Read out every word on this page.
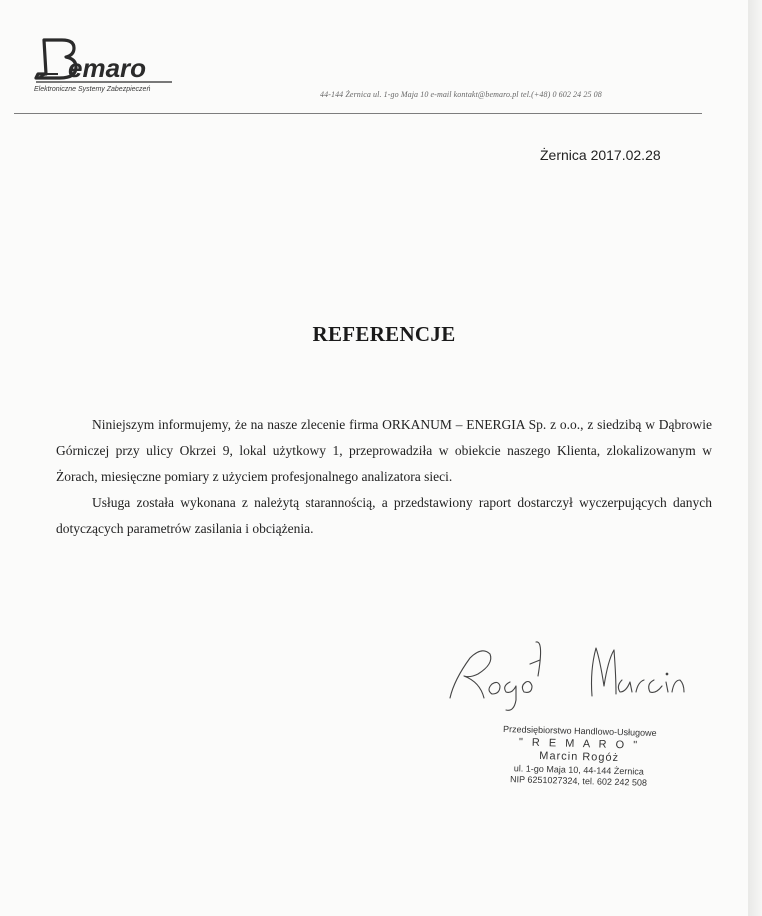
emaro
Elektroniczne Systemy Zabezpieczeń
44-144 Żernica ul. 1-go Maja 10 e-mail kontakt@bemaro.pl tel.(+48) 0 602 24 25 08
Żernica 2017.02.28
REFERENCJE

Niniejszym informujemy, że na nasze zlecenie firma ORKANUM – ENERGIA Sp. z o.o., z siedzibą w Dąbrowie Górniczej przy ulicy Okrzei 9, lokal użytkowy 1, przeprowadziła w obiekcie naszego Klienta, zlokalizowanym w Żorach, miesięczne pomiary z użyciem profesjonalnego analizatora sieci.

Usługa została wykonana z należytą starannością, a przedstawiony raport dostarczył wyczerpujących danych dotyczących parametrów zasilania i obciążenia.

Przedsiębiorstwo Handlowo-Usługowe
" R E M A R O "
Marcin Rogóż
ul. 1-go Maja 10, 44-144 Żernica
NIP 6251027324, tel. 602 242 508
